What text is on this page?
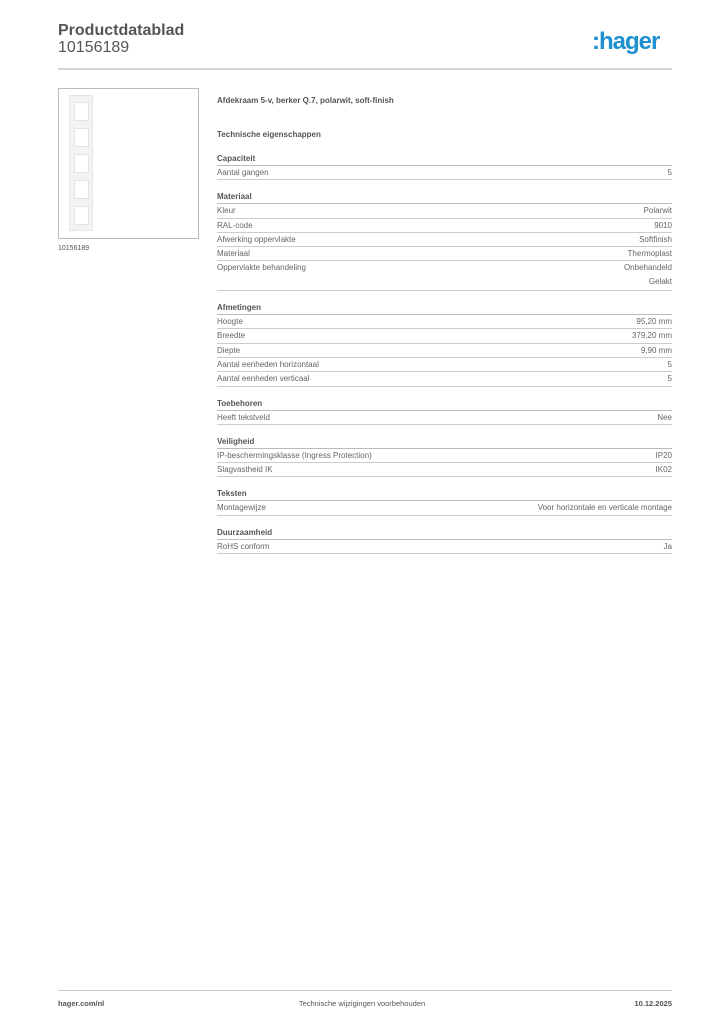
Productdatablad
10156189	:hager
10156189
Afdekraam 5-v, berker Q.7, polarwit, soft-finish
Technische eigenschappen
Capaciteit
Aantal gangen	5
Materiaal
Kleur	Polarwit
RAL-code	9010
Afwerking oppervlakte	Softfinish
Materiaal	Thermoplast
Oppervlakte behandeling	Onbehandeld
Gelakt
Afmetingen
Hoogte	95,20 mm
Breedte	379,20 mm
Diepte	9,90 mm
Aantal eenheden horizontaal	5
Aantal eenheden verticaal	5
Toebehoren
Heeft tekstveld	Nee
Veiligheid
IP-beschermingsklasse (Ingress Protection)	IP20
Slagvastheid IK	IK02
Teksten
Montagewijze	Voor horizontale en verticale montage
Duurzaamheid
RoHS conform	Ja
hager.com/nl	Technische wijzigingen voorbehouden	10.12.2025
